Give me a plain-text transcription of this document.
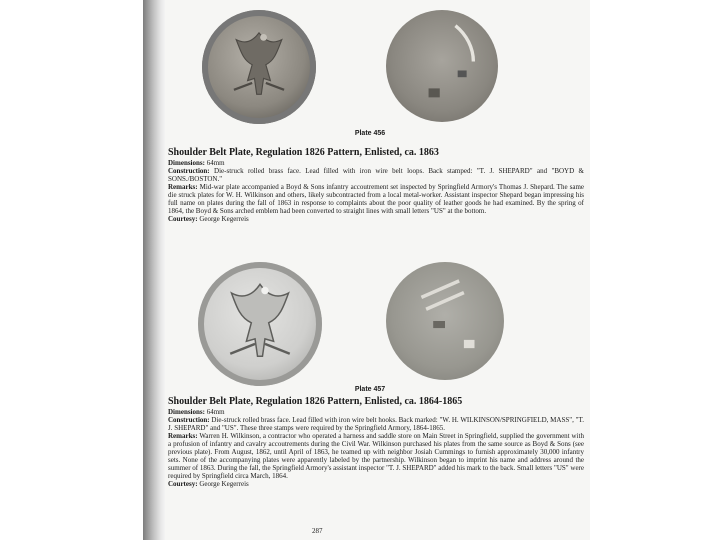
Plate 456
Shoulder Belt Plate, Regulation 1826 Pattern, Enlisted, ca. 1863

Dimensions: 64mm

Construction: Die-struck rolled brass face. Lead filled with iron wire belt loops. Back stamped: "T. J. SHEPARD" and "BOYD & SONS./BOSTON."

Remarks: Mid-war plate accompanied a Boyd & Sons infantry accoutrement set inspected by Springfield Armory's Thomas J. Shepard. The same die struck plates for W. H. Wilkinson and others, likely subcontracted from a local metal-worker. Assistant inspector Shepard began impressing his full name on plates during the fall of 1863 in response to complaints about the poor quality of leather goods he had examined. By the spring of 1864, the Boyd & Sons arched emblem had been converted to straight lines with small letters "US" at the bottom.

Courtesy: George Kegerreis

Plate 457
Shoulder Belt Plate, Regulation 1826 Pattern, Enlisted, ca. 1864-1865

Dimensions: 64mm

Construction: Die-struck rolled brass face. Lead filled with iron wire belt hooks. Back marked: "W. H. WILKINSON/SPRINGFIELD, MASS", "T. J. SHEPARD" and "US". These three stamps were required by the Springfield Armory, 1864-1865.

Remarks: Warren H. Wilkinson, a contractor who operated a harness and saddle store on Main Street in Springfield, supplied the government with a profusion of infantry and cavalry accoutrements during the Civil War. Wilkinson purchased his plates from the same source as Boyd & Sons (see previous plate). From August, 1862, until April of 1863, he teamed up with neighbor Josiah Cummings to furnish approximately 30,000 infantry sets. None of the accompanying plates were apparently labeled by the partnership. Wilkinson began to imprint his name and address around the summer of 1863. During the fall, the Springfield Armory's assistant inspector "T. J. SHEPARD" added his mark to the back. Small letters "US" were required by Springfield circa March, 1864.

Courtesy: George Kegerreis

287
